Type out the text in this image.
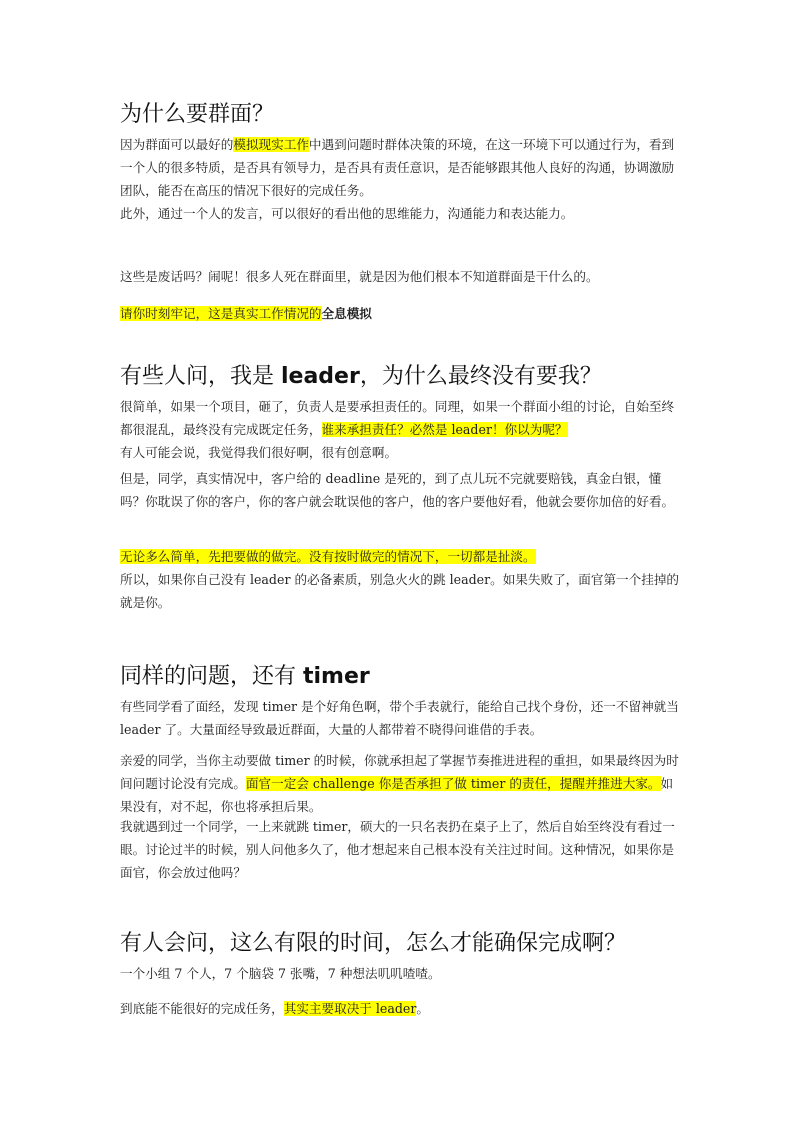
为什么要群面？

因为群面可以最好的模拟现实工作中遇到问题时群体决策的环境，在这一环境下可以通过行为，看到一个人的很多特质，是否具有领导力，是否具有责任意识，是否能够跟其他人良好的沟通，协调激励团队，能否在高压的情况下很好的完成任务。

此外，通过一个人的发言，可以很好的看出他的思维能力，沟通能力和表达能力。

这些是废话吗？闹呢！很多人死在群面里，就是因为他们根本不知道群面是干什么的。

请你时刻牢记，这是真实工作情况的全息模拟

有些人问，我是 leader，为什么最终没有要我？

很简单，如果一个项目，砸了，负责人是要承担责任的。同理，如果一个群面小组的讨论，自始至终都很混乱，最终没有完成既定任务，谁来承担责任？必然是 leader！你以为呢？
有人可能会说，我觉得我们很好啊，很有创意啊。

但是，同学，真实情况中，客户给的 deadline 是死的，到了点儿玩不完就要赔钱，真金白银，懂吗？你耽误了你的客户，你的客户就会耽误他的客户，他的客户要他好看，他就会要你加倍的好看。

无论多么简单，先把要做的做完。没有按时做完的情况下，一切都是扯淡。

所以，如果你自己没有 leader 的必备素质，别急火火的跳 leader。如果失败了，面官第一个挂掉的就是你。

同样的问题，还有 timer

有些同学看了面经，发现 timer 是个好角色啊，带个手表就行，能给自己找个身份，还一不留神就当 leader 了。大量面经导致最近群面，大量的人都带着不晓得问谁借的手表。

亲爱的同学，当你主动要做 timer 的时候，你就承担起了掌握节奏推进进程的重担，如果最终因为时间问题讨论没有完成。面官一定会 challenge 你是否承担了做 timer 的责任，提醒并推进大家。如果没有，对不起，你也将承担后果。

我就遇到过一个同学，一上来就跳 timer，硕大的一只名表扔在桌子上了，然后自始至终没有看过一眼。讨论过半的时候，别人问他多久了，他才想起来自己根本没有关注过时间。这种情况，如果你是面官，你会放过他吗？

有人会问，这么有限的时间，怎么才能确保完成啊？

一个小组 7 个人，7 个脑袋 7 张嘴，7 种想法叽叽喳喳。

到底能不能很好的完成任务，其实主要取决于 leader。
